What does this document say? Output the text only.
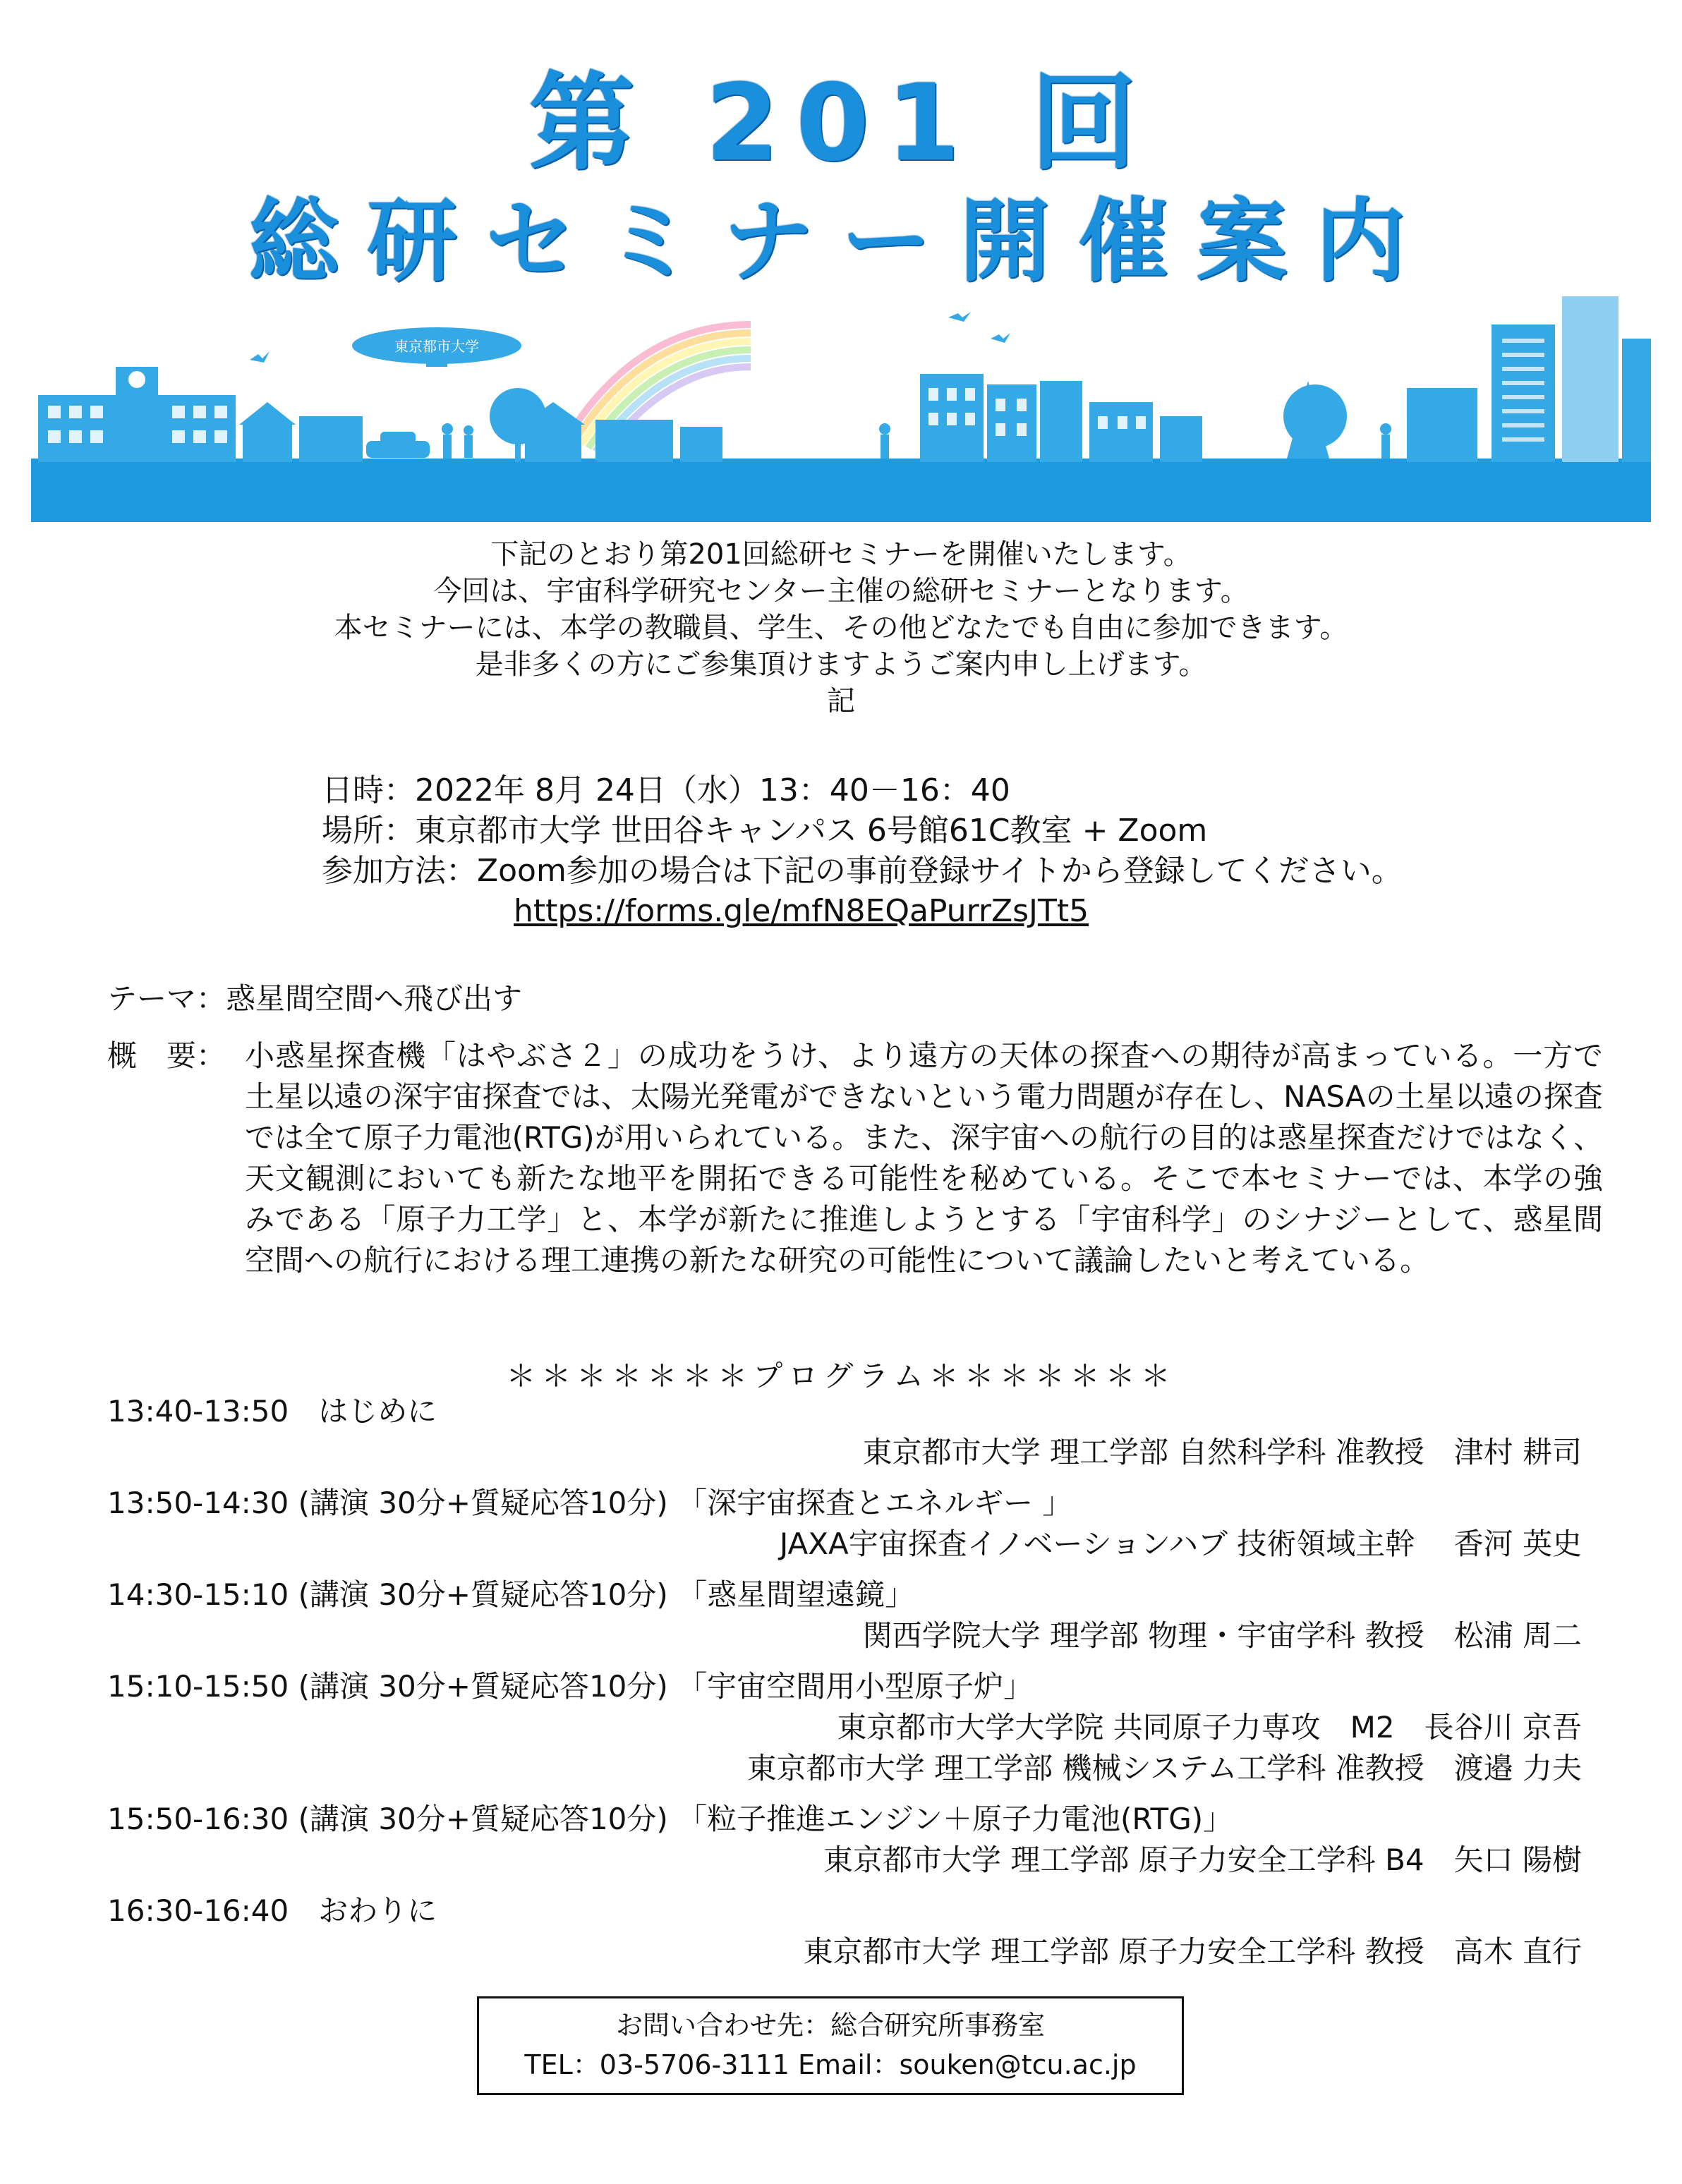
第 201 回
総研セミナー開催案内
東京都市大学
下記のとおり第201回総研セミナーを開催いたします。
今回は、宇宙科学研究センター主催の総研セミナーとなります。
本セミナーには、本学の教職員、学生、その他どなたでも自由に参加できます。
是非多くの方にご参集頂けますようご案内申し上げます。
記
日時：2022年 8月 24日（水）13：40－16：40
場所：東京都市大学 世田谷キャンパス 6号館61C教室 + Zoom
参加方法：Zoom参加の場合は下記の事前登録サイトから登録してください。
https://forms.gle/mfN8EQaPurrZsJTt5
テーマ：惑星間空間へ飛び出す
概　要： 小惑星探査機「はやぶさ２」の成功をうけ、より遠方の天体の探査への期待が高まっている。一方で土星以遠の深宇宙探査では、太陽光発電ができないという電力問題が存在し、NASAの土星以遠の探査では全て原子力電池(RTG)が用いられている。また、深宇宙への航行の目的は惑星探査だけではなく、天文観測においても新たな地平を開拓できる可能性を秘めている。そこで本セミナーでは、本学の強みである「原子力工学」と、本学が新たに推進しようとする「宇宙科学」のシナジーとして、惑星間空間への航行における理工連携の新たな研究の可能性について議論したいと考えている。
＊＊＊＊＊＊＊プログラム＊＊＊＊＊＊＊
13:40-13:50　はじめに
東京都市大学 理工学部 自然科学科 准教授　津村 耕司
13:50-14:30 (講演 30分+質疑応答10分) 「深宇宙探査とエネルギー 」
JAXA宇宙探査イノベーションハブ 技術領域主幹　 香河 英史
14:30-15:10 (講演 30分+質疑応答10分) 「惑星間望遠鏡」
関西学院大学 理学部 物理・宇宙学科 教授　松浦 周二
15:10-15:50 (講演 30分+質疑応答10分) 「宇宙空間用小型原子炉」
東京都市大学大学院 共同原子力専攻　M2　長谷川 京吾
東京都市大学 理工学部 機械システム工学科 准教授　渡邉 力夫
15:50-16:30 (講演 30分+質疑応答10分) 「粒子推進エンジン＋原子力電池(RTG)」
東京都市大学 理工学部 原子力安全工学科 B4　矢口 陽樹
16:30-16:40　おわりに
東京都市大学 理工学部 原子力安全工学科 教授　高木 直行
お問い合わせ先：総合研究所事務室
TEL：03-5706-3111 Email：souken@tcu.ac.jp
